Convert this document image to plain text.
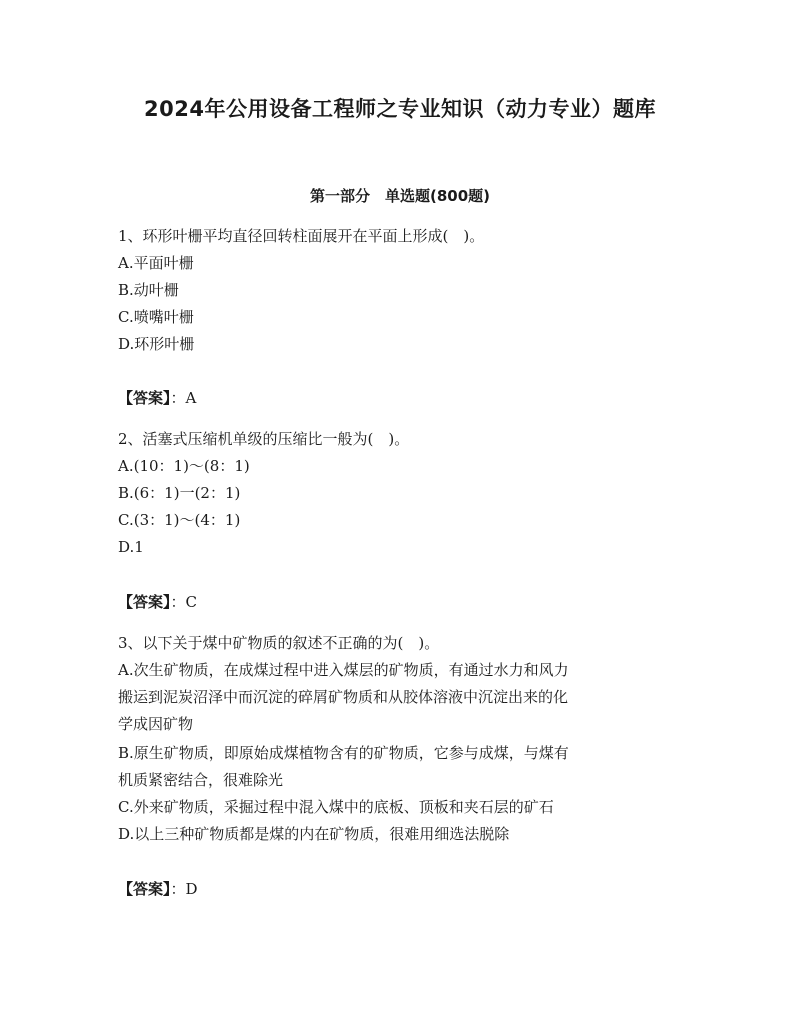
2024年公用设备工程师之专业知识（动力专业）题库
第一部分　单选题(800题)
1、环形叶栅平均直径回转柱面展开在平面上形成(　)。
A.平面叶栅
B.动叶栅
C.喷嘴叶栅
D.环形叶栅
【答案】：A
2、活塞式压缩机单级的压缩比一般为(　)。
A.(10：1)～(8：1)
B.(6：1)一(2：1)
C.(3：1)～(4：1)
D.1
【答案】：C
3、以下关于煤中矿物质的叙述不正确的为(　)。
A.次生矿物质，在成煤过程中进入煤层的矿物质，有通过水力和风力
搬运到泥炭沼泽中而沉淀的碎屑矿物质和从胶体溶液中沉淀出来的化
学成因矿物
B.原生矿物质，即原始成煤植物含有的矿物质，它参与成煤，与煤有
机质紧密结合，很难除光
C.外来矿物质，采掘过程中混入煤中的底板、顶板和夹石层的矿石
D.以上三种矿物质都是煤的内在矿物质，很难用细选法脱除
【答案】：D
